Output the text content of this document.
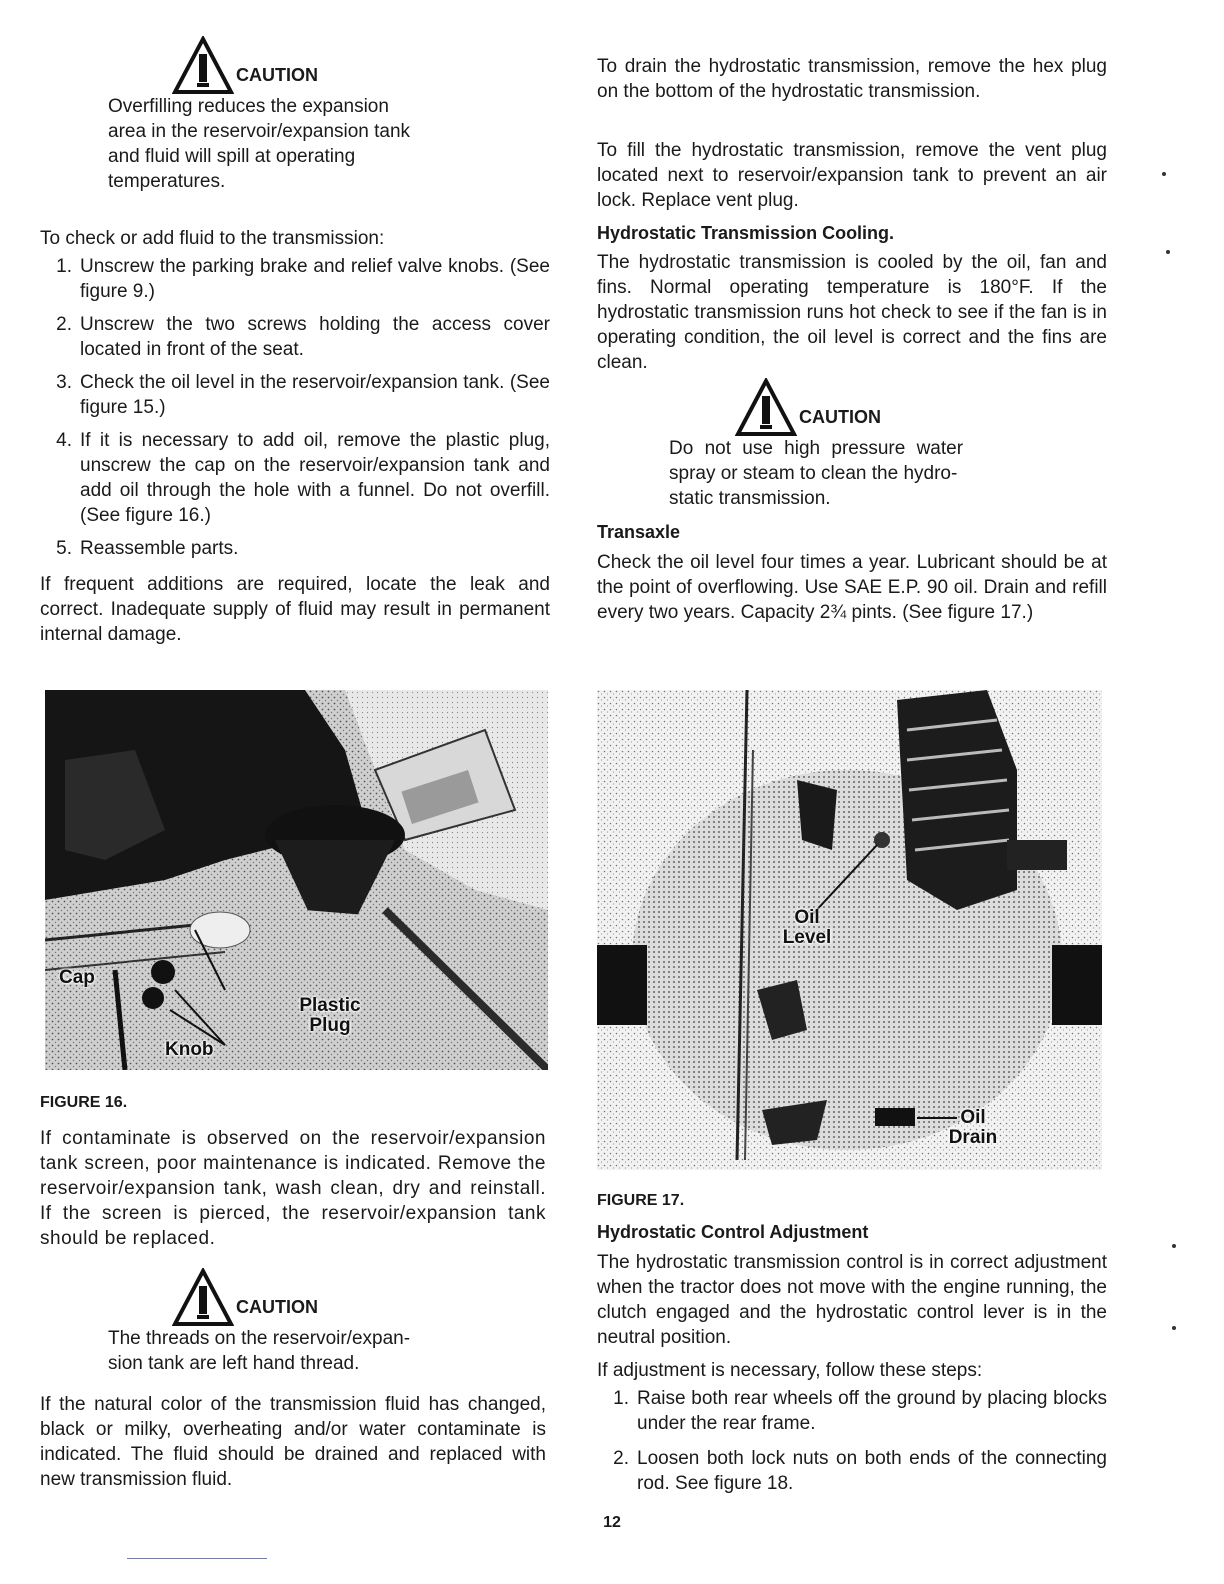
CAUTION

Overfilling reduces the expansion

area in the reservoir/expansion tank

and fluid will spill at operating

temperatures.

To check or add fluid to the transmission:

1. Unscrew the parking brake and relief valve knobs. (See figure 9.)
2. Unscrew the two screws holding the access cover located in front of the seat.
3. Check the oil level in the reservoir/expansion tank. (See figure 15.)
4. If it is necessary to add oil, remove the plastic plug, unscrew the cap on the reservoir/expansion tank and add oil through the hole with a funnel. Do not overfill. (See figure 16.)
5. Reassemble parts.

If frequent additions are required, locate the leak and correct. Inadequate supply of fluid may result in permanent internal damage.

Cap
Plastic Plug
Knob
FIGURE 16.

If contaminate is observed on the reservoir/expansion tank screen, poor maintenance is indicated. Remove the reservoir/expansion tank, wash clean, dry and reinstall. If the screen is pierced, the reservoir/expansion tank should be replaced.

CAUTION

The threads on the reservoir/expan-

sion tank are left hand thread.

If the natural color of the transmission fluid has changed, black or milky, overheating and/or water contaminate is indicated. The fluid should be drained and replaced with new transmission fluid.

To drain the hydrostatic transmission, remove the hex plug on the bottom of the hydrostatic transmission.

To fill the hydrostatic transmission, remove the vent plug located next to reservoir/expansion tank to prevent an air lock. Replace vent plug.

Hydrostatic Transmission Cooling.

The hydrostatic transmission is cooled by the oil, fan and fins. Normal operating temperature is 180°F. If the hydrostatic transmission runs hot check to see if the fan is in operating condition, the oil level is correct and the fins are clean.

CAUTION

Do not use high pressure water

spray or steam to clean the hydro-

static transmission.

Transaxle

Check the oil level four times a year. Lubricant should be at the point of overflowing. Use SAE E.P. 90 oil. Drain and refill every two years. Capacity 2¾ pints. (See figure 17.)

Oil Level
Oil Drain
FIGURE 17.
Hydrostatic Control Adjustment

The hydrostatic transmission control is in correct adjustment when the tractor does not move with the engine running, the clutch engaged and the hydrostatic control lever is in the neutral position.

If adjustment is necessary, follow these steps:

1. Raise both rear wheels off the ground by placing blocks under the rear frame.
2. Loosen both lock nuts on both ends of the connecting rod. See figure 18.
12
